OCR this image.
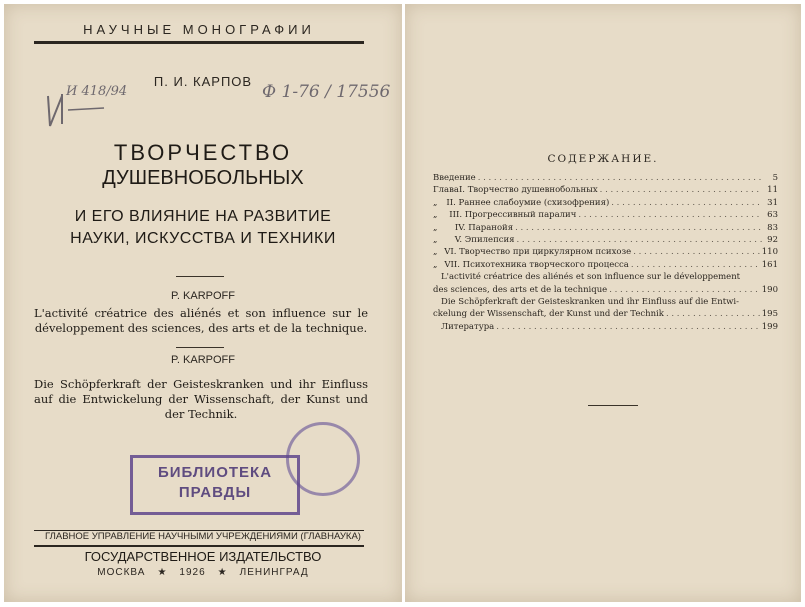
НАУЧНЫЕ МОНОГРАФИИ
И 418/94	Ф 1-76 / 17556
П. И. КАРПОВ
ТВОРЧЕСТВО
ДУШЕВНОБОЛЬНЫХ
И ЕГО ВЛИЯНИЕ НА РАЗВИТИЕ
НАУКИ, ИСКУССТВА И ТЕХНИКИ
P. KARPOFF
L'activité créatrice des aliénés et son influence sur le développement des sciences, des arts et de la technique.
P. KARPOFF
Die Schöpferkraft der Geisteskranken und ihr Einfluss auf die Entwickelung der Wissenschaft, der Kunst und der Technik.
БИБЛИОТЕКА
ПРАВДЫ
ГЛАВНОЕ УПРАВЛЕНИЕ НАУЧНЫМИ УЧРЕЖДЕНИЯМИ (ГЛАВНАУКА)
ГОСУДАРСТВЕННОЕ ИЗДАТЕЛЬСТВО
МОСКВА ★ 1926 ★ ЛЕНИНГРАД
СОДЕРЖАНИЕ.
Введение . . .	5
Глава I. Творчество душевнобольных . . .	11
„	II. Раннее слабоумие (схизофрения) . . .	31
„	III. Прогрессивный паралич . . .	63
„	IV. Паранойя . . .	83
„	V. Эпилепсия . . .	92
„ VI. Творчество при циркулярном психозе . . .	110
„ VII. Психотехника творческого процесса . . .	161
L'activité créatrice des aliénés et son influence sur le développement
des sciences, des arts et de la technique . . .	190
Die Schöpferkraft der Geisteskranken und ihr Einfluss auf die Entwi-
ckelung der Wissenschaft, der Kunst und der Technik . . .	195
Литература . . .	199
